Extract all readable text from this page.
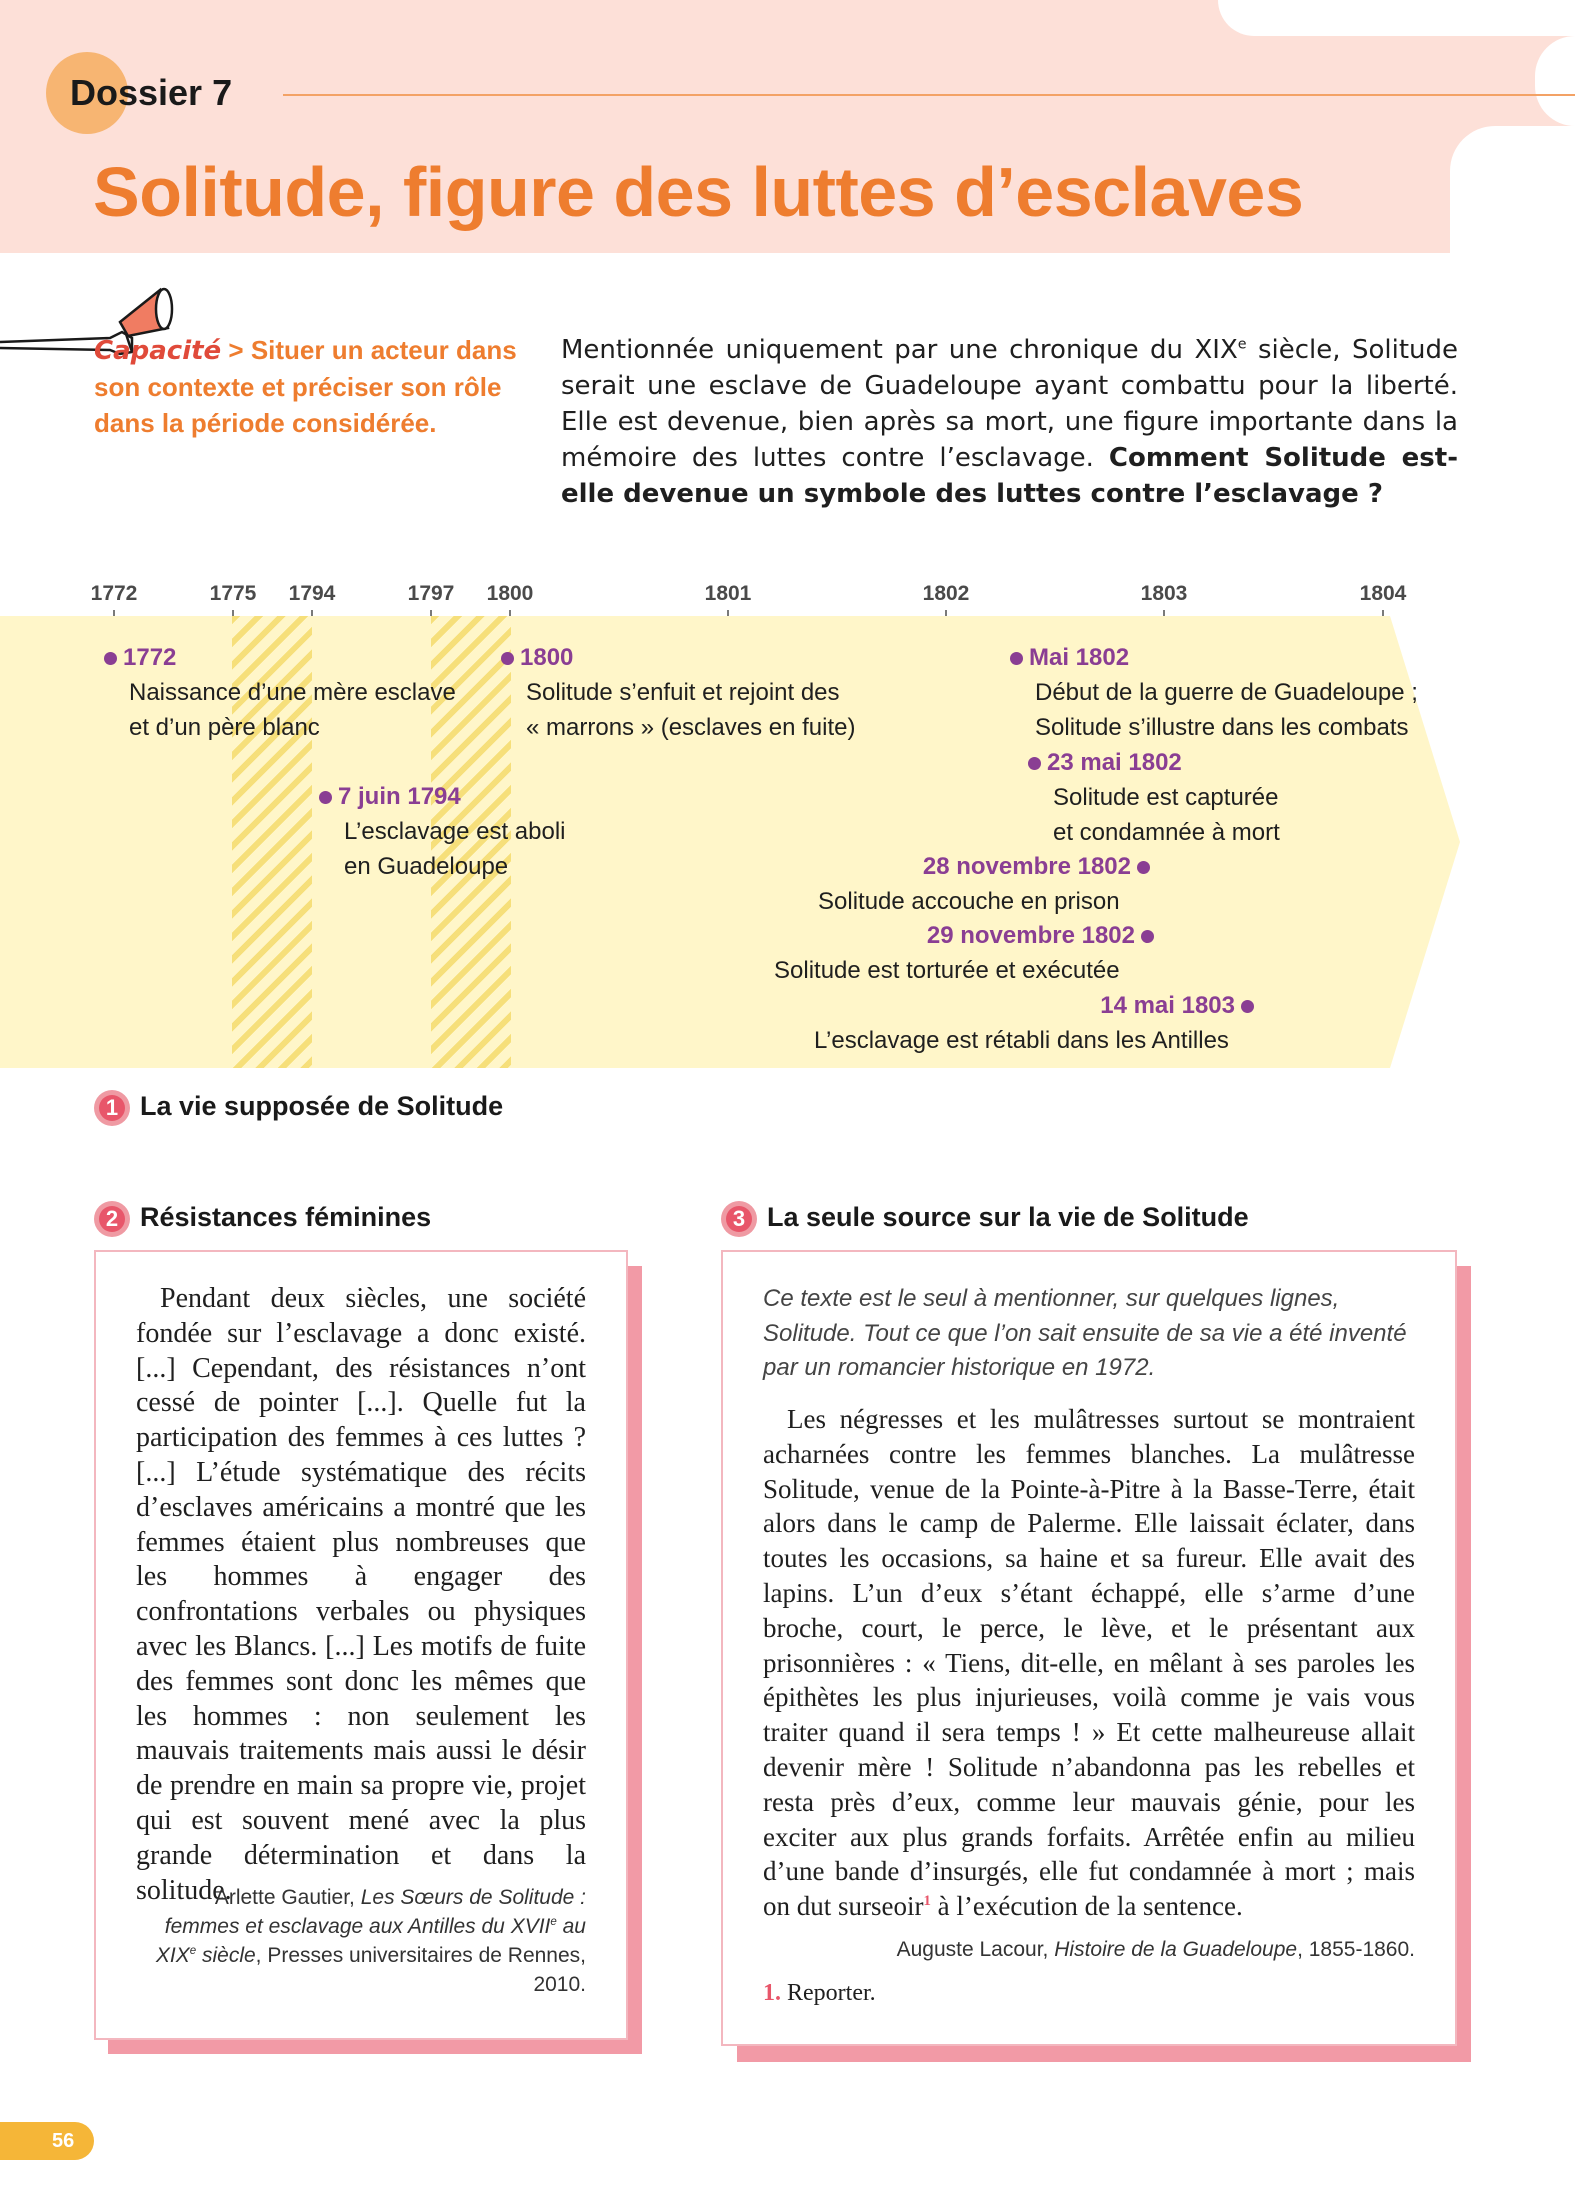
Dossier 7
Solitude, figure des luttes d’esclaves
Capacité > Situer un acteur dans son contexte et préciser son rôle dans la période considérée.
Mentionnée uniquement par une chronique du XIXe siècle, Solitude serait une esclave de Guadeloupe ayant combattu pour la liberté. Elle est devenue, bien après sa mort, une figure importante dans la mémoire des luttes contre l’esclavage. Comment Solitude est-elle devenue un symbole des luttes contre l’esclavage ?
1772	1775 1794	1797 1800	1801	1802	1803	1804
1772
Naissance d’une mère esclave
et d’un père blanc
7 juin 1794
L’esclavage est aboli
en Guadeloupe
1800
Solitude s’enfuit et rejoint des
« marrons » (esclaves en fuite)
Mai 1802
Début de la guerre de Guadeloupe ;
Solitude s’illustre dans les combats
23 mai 1802
Solitude est capturée
et condamnée à mort
28 novembre 1802
Solitude accouche en prison
29 novembre 1802
Solitude est torturée et exécutée
14 mai 1803
L’esclavage est rétabli dans les Antilles
1 La vie supposée de Solitude
2 Résistances féminines

Pendant deux siècles, une société fondée sur l’esclavage a donc existé. [...] Cependant, des résistances n’ont cessé de pointer [...]. Quelle fut la participation des femmes à ces luttes ? [...] L’étude systématique des récits d’esclaves américains a montré que les femmes étaient plus nombreuses que les hommes à engager des confrontations verbales ou physiques avec les Blancs. [...] Les motifs de fuite des femmes sont donc les mêmes que les hommes : non seulement les mauvais traitements mais aussi le désir de prendre en main sa propre vie, projet qui est souvent mené avec la plus grande détermination et dans la solitude.

Arlette Gautier, Les Sœurs de Solitude : femmes et esclavage aux Antilles du XVIIe au XIXe siècle, Presses universitaires de Rennes, 2010.

3 La seule source sur la vie de Solitude

Ce texte est le seul à mentionner, sur quelques lignes, Solitude. Tout ce que l’on sait ensuite de sa vie a été inventé par un romancier historique en 1972.

Les négresses et les mulâtresses surtout se montraient acharnées contre les femmes blanches. La mulâtresse Solitude, venue de la Pointe-à-Pitre à la Basse-Terre, était alors dans le camp de Palerme. Elle laissait éclater, dans toutes les occasions, sa haine et sa fureur. Elle avait des lapins. L’un d’eux s’étant échappé, elle s’arme d’une broche, court, le perce, le lève, et le présentant aux prisonnières : « Tiens, dit-elle, en mêlant à ses paroles les épithètes les plus injurieuses, voilà comme je vais vous traiter quand il sera temps ! » Et cette malheureuse allait devenir mère ! Solitude n’abandonna pas les rebelles et resta près d’eux, comme leur mauvais génie, pour les exciter aux plus grands forfaits. Arrêtée enfin au milieu d’une bande d’insurgés, elle fut condamnée à mort ; mais on dut surseoir$^1$ à l’exécution de la sentence.

Auguste Lacour, Histoire de la Guadeloupe, 1855-1860.

1. Reporter.

56
